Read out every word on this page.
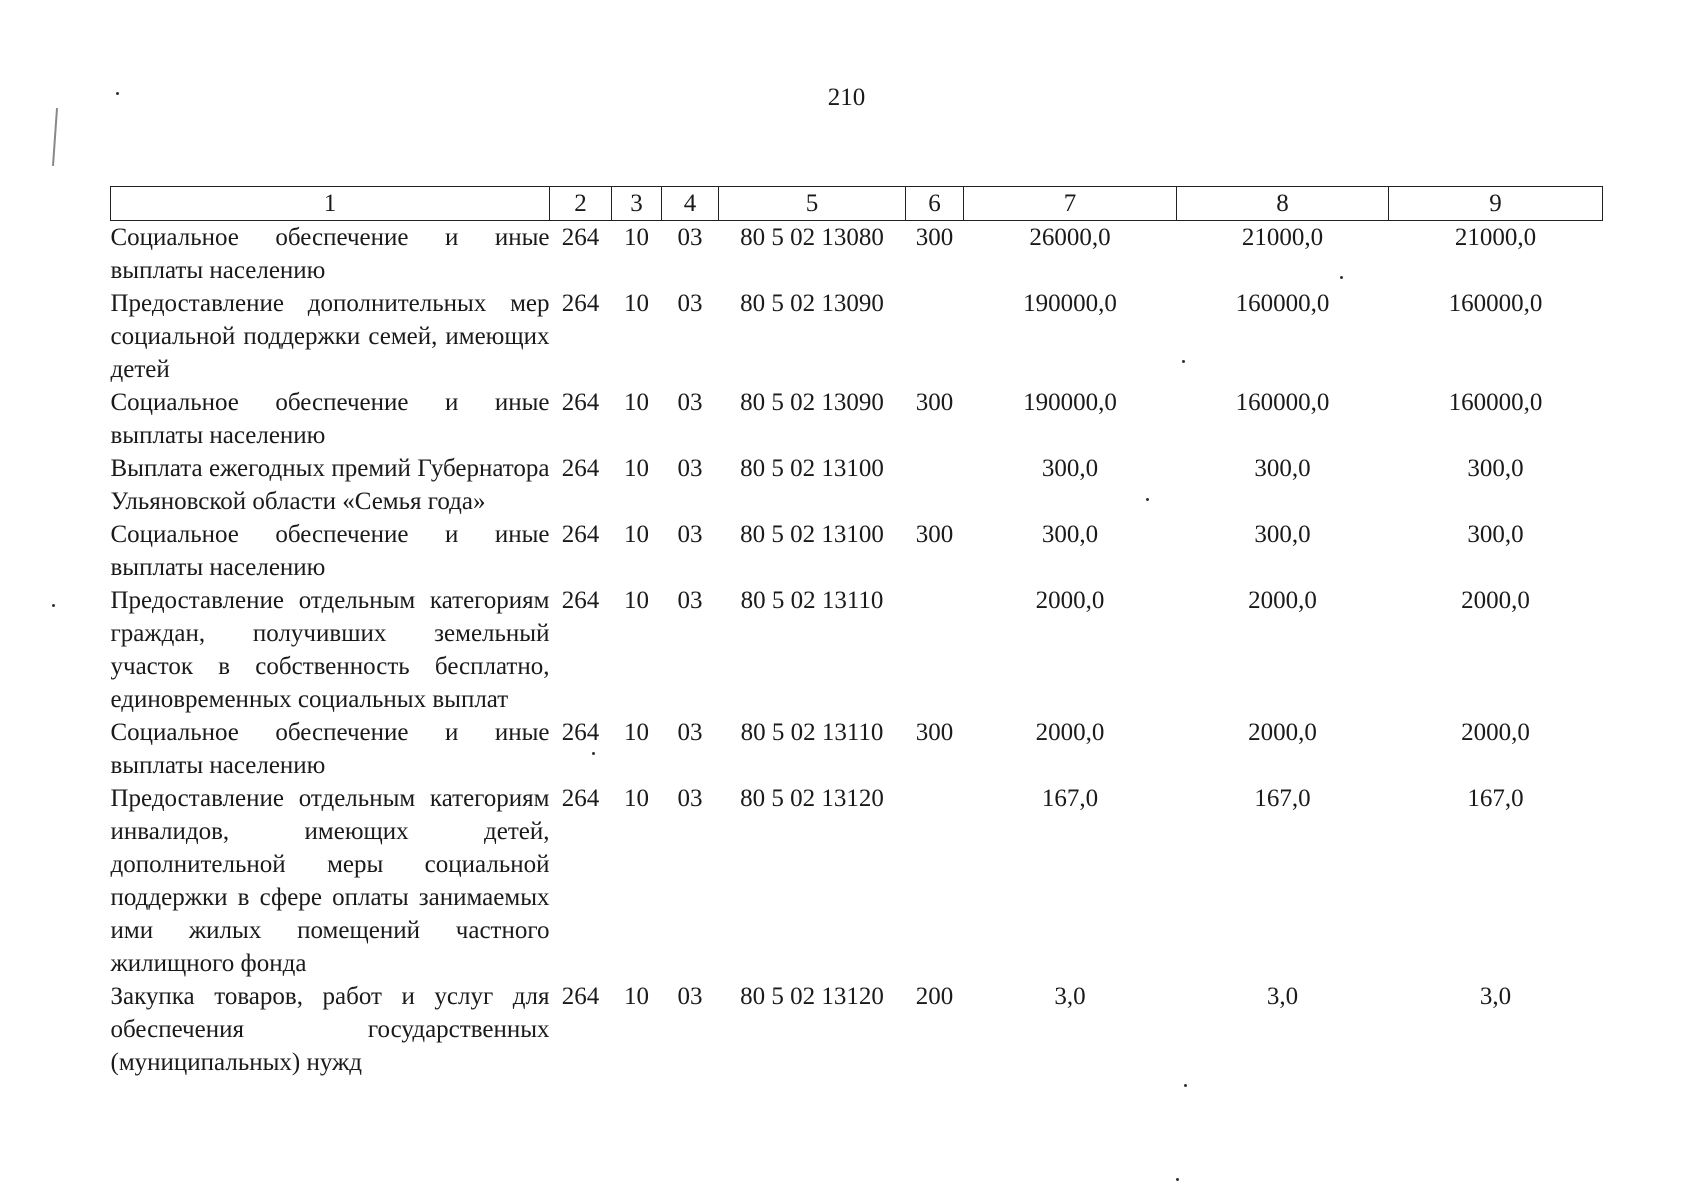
210
1	2	3	4	5	6	7	8	9
Социальное обеспечение и иные выплаты населению	264	10	03	80 5 02 13080	300	26000,0	21000,0	21000,0
Предоставление дополнительных мер социальной поддержки семей, имеющих детей	264	10	03	80 5 02 13090		190000,0	160000,0	160000,0
Социальное обеспечение и иные выплаты населению	264	10	03	80 5 02 13090	300	190000,0	160000,0	160000,0
Выплата ежегодных премий Губернатора Ульяновской области «Семья года»	264	10	03	80 5 02 13100		300,0	300,0	300,0
Социальное обеспечение и иные выплаты населению	264	10	03	80 5 02 13100	300	300,0	300,0	300,0
Предоставление отдельным категориям граждан, получивших земельный участок в собственность бесплатно, единовременных социальных выплат	264	10	03	80 5 02 13110		2000,0	2000,0	2000,0
Социальное обеспечение и иные выплаты населению	264	10	03	80 5 02 13110	300	2000,0	2000,0	2000,0
Предоставление отдельным категориям инвалидов, имеющих детей, дополнительной меры социальной поддержки в сфере оплаты занимаемых ими жилых помещений частного жилищного фонда	264	10	03	80 5 02 13120		167,0	167,0	167,0
Закупка товаров, работ и услуг для обеспечения государственных (муниципальных) нужд	264	10	03	80 5 02 13120	200	3,0	3,0	3,0
